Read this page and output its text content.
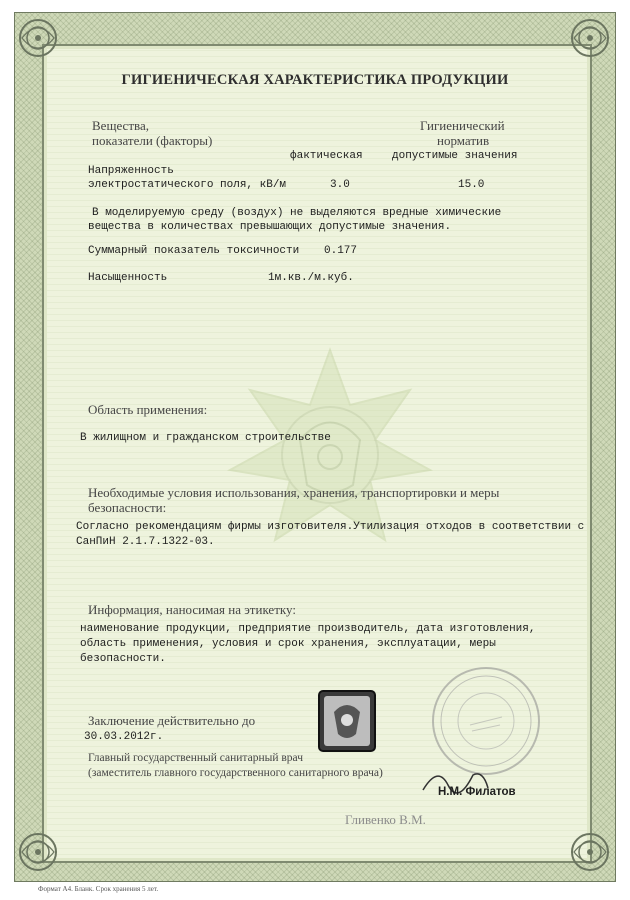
ГИГИЕНИЧЕСКАЯ ХАРАКТЕРИСТИКА ПРОДУКЦИИ
Вещества,
показатели (факторы)
Гигиенический
норматив
фактическая	допустимые значения
Напряженность
электростатического поля, кВ/м	3.0	15.0
В моделируемую среду (воздух) не выделяются вредные химические
вещества в количествах превышающих допустимые значения.
Суммарный показатель токсичности 0.177
Насыщенность	1м.кв./м.куб.
Область применения:
В жилищном и гражданском строительстве
Необходимые условия использования, хранения, транспортировки и меры
безопасности:
Согласно рекомендациям фирмы изготовителя.Утилизация отходов в соответствии с
СанПиН 2.1.7.1322-03.
Информация, наносимая на этикетку:
наименование продукции, предприятие производитель, дата изготовления,
область применения, условия и срок хранения, эксплуатации, меры
безопасности.
Заключение действительно до
30.03.2012г.
Главный государственный санитарный врач
(заместитель главного государственного санитарного врача)
Н.М. Филатов
Гливенко В.М.
Формат А4. Бланк. Срок хранения 5 лет.
